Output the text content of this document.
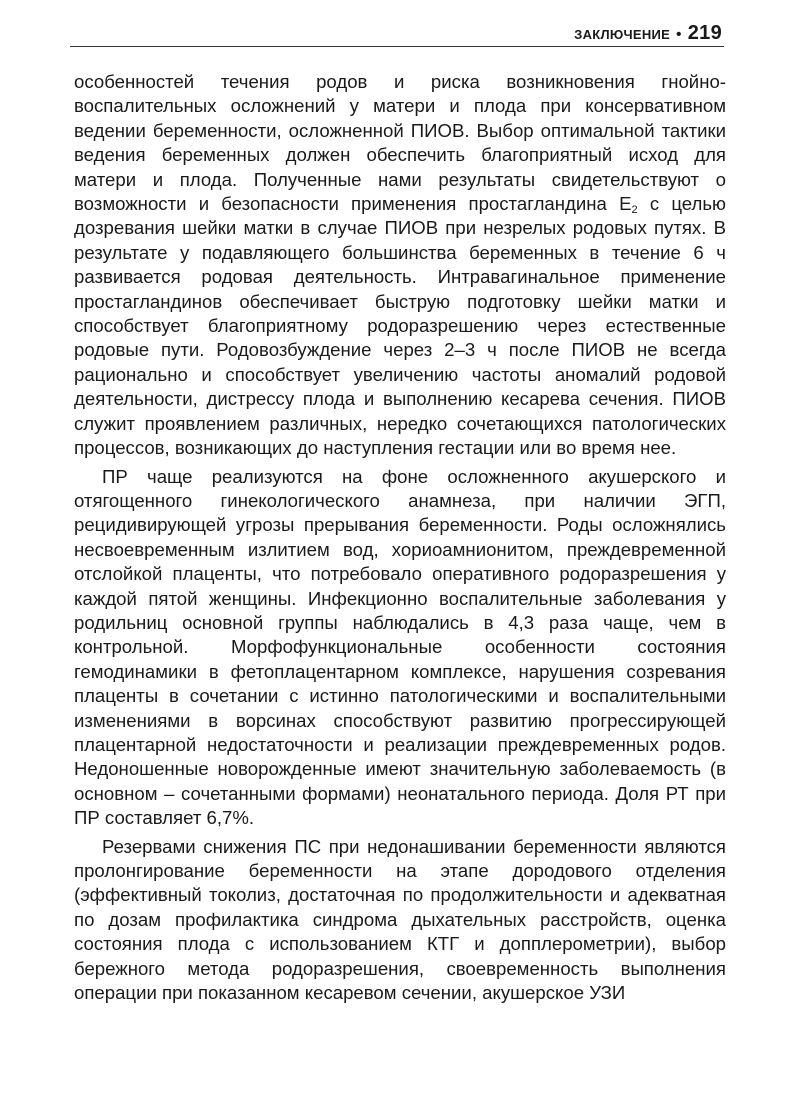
ЗАКЛЮЧЕНИЕ • 219

особенностей течения родов и риска возникновения гнойно-воспалительных осложнений у матери и плода при консервативном ведении беременности, осложненной ПИОВ. Выбор оптимальной тактики ведения беременных должен обеспечить благоприятный исход для матери и плода. Полученные нами результаты свидетельствуют о возможности и безопасности применения простагландина $Е_2$ с целью дозревания шейки матки в случае ПИОВ при незрелых родовых путях. В результате у подавляющего большинства беременных в течение 6 ч развивается родовая деятельность. Интравагинальное применение простагландинов обеспечивает быструю подготовку шейки матки и способствует благоприятному родоразрешению через естественные родовые пути. Родовозбуждение через 2–3 ч после ПИОВ не всегда рационально и способствует увеличению частоты аномалий родовой деятельности, дистрессу плода и выполнению кесарева сечения. ПИОВ служит проявлением различных, нередко сочетающихся патологических процессов, возникающих до наступления гестации или во время нее.

ПР чаще реализуются на фоне осложненного акушерского и отягощенного гинекологического анамнеза, при наличии ЭГП, рецидивирующей угрозы прерывания беременности. Роды осложнялись несвоевременным излитием вод, хориоамнионитом, преждевременной отслойкой плаценты, что потребовало оперативного родоразрешения у каждой пятой женщины. Инфекционно воспалительные заболевания у родильниц основной группы наблюдались в 4,3 раза чаще, чем в контрольной. Морфофункциональные особенности состояния гемодинамики в фетоплацентарном комплексе, нарушения созревания плаценты в сочетании с истинно патологическими и воспалительными изменениями в ворсинах способствуют развитию прогрессирующей плацентарной недостаточности и реализации преждевременных родов. Недоношенные новорожденные имеют значительную заболеваемость (в основном – сочетанными формами) неонатального периода. Доля РТ при ПР составляет 6,7%.

Резервами снижения ПС при недонашивании беременности являются пролонгирование беременности на этапе дородового отделения (эффективный токолиз, достаточная по продолжительности и адекватная по дозам профилактика синдрома дыхательных расстройств, оценка состояния плода с использованием КТГ и допплерометрии), выбор бережного метода родоразрешения, своевременность выполнения операции при показанном кесаревом сечении, акушерское УЗИ
